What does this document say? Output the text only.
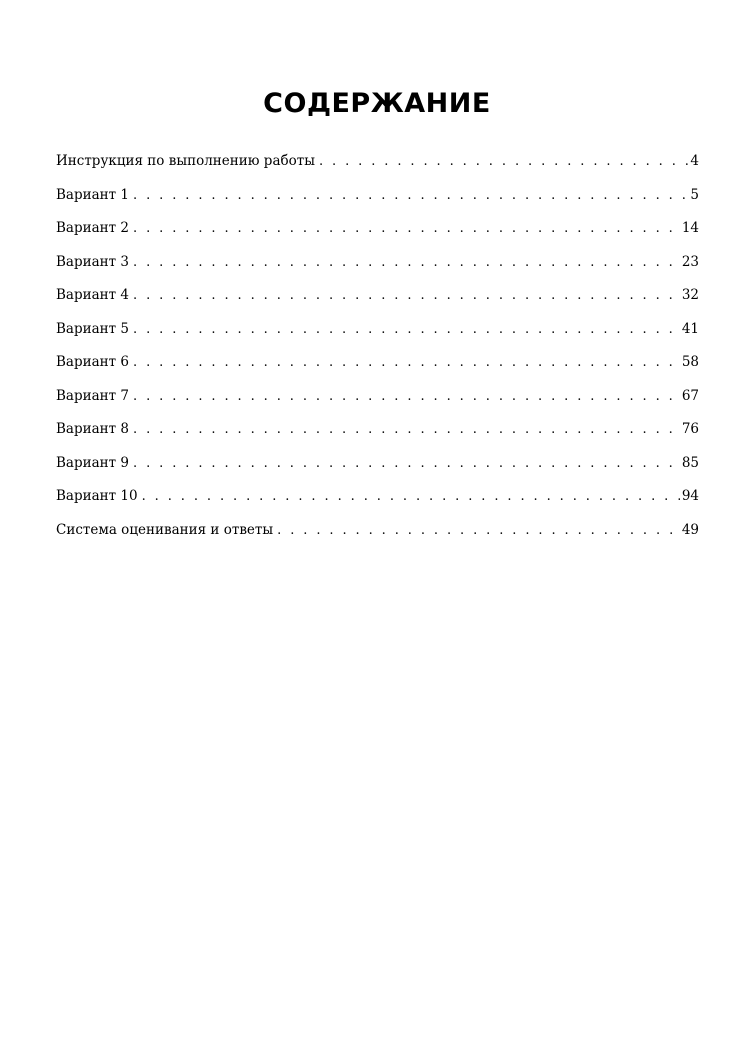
СОДЕРЖАНИЕ
Инструкция по выполнению работы . . .	4
Вариант 1 . . .	5
Вариант 2 . . .	14
Вариант 3 . . .	23
Вариант 4 . . .	32
Вариант 5 . . .	41
Вариант 6 . . .	58
Вариант 7 . . .	67
Вариант 8 . . .	76
Вариант 9 . . .	85
Вариант 10 . . .	94
Система оценивания и ответы . . .	49
